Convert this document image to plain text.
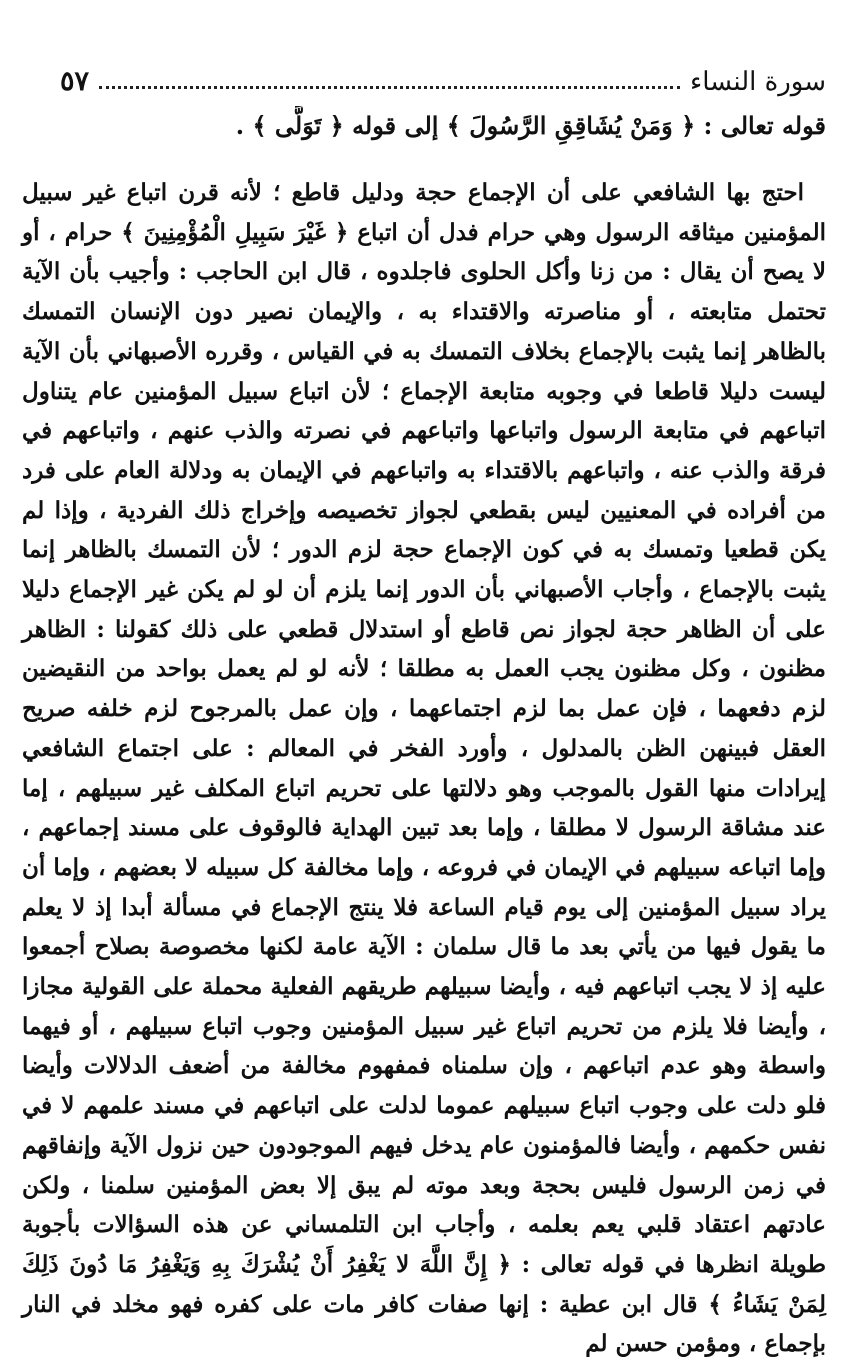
سورة النساء
٥٧
قوله تعالى : ﴿ وَمَنْ يُشَاقِقِ الرَّسُولَ ﴾ إلى قوله ﴿ تَوَلَّى ﴾ .

احتج بها الشافعي على أن الإجماع حجة ودليل قاطع ؛ لأنه قرن اتباع غير سبيل المؤمنين ميثاقه الرسول وهي حرام فدل أن اتباع ﴿ غَيْرَ سَبِيلِ الْمُؤْمِنِينَ ﴾ حرام ، أو لا يصح أن يقال : من زنا وأكل الحلوى فاجلدوه ، قال ابن الحاجب : وأجيب بأن الآية تحتمل متابعته ، أو مناصرته والاقتداء به ، والإيمان نصير دون الإنسان التمسك بالظاهر إنما يثبت بالإجماع بخلاف التمسك به في القياس ، وقرره الأصبهاني بأن الآية ليست دليلا قاطعا في وجوبه متابعة الإجماع ؛ لأن اتباع سبيل المؤمنين عام يتناول اتباعهم في متابعة الرسول واتباعها واتباعهم في نصرته والذب عنهم ، واتباعهم في فرقة والذب عنه ، واتباعهم بالاقتداء به واتباعهم في الإيمان به ودلالة العام على فرد من أفراده في المعنيين ليس بقطعي لجواز تخصيصه وإخراج ذلك الفردية ، وإذا لم يكن قطعيا وتمسك به في كون الإجماع حجة لزم الدور ؛ لأن التمسك بالظاهر إنما يثبت بالإجماع ، وأجاب الأصبهاني بأن الدور إنما يلزم أن لو لم يكن غير الإجماع دليلا على أن الظاهر حجة لجواز نص قاطع أو استدلال قطعي على ذلك كقولنا : الظاهر مظنون ، وكل مظنون يجب العمل به مطلقا ؛ لأنه لو لم يعمل بواحد من النقيضين لزم دفعهما ، فإن عمل بما لزم اجتماعهما ، وإن عمل بالمرجوح لزم خلفه صريح العقل فبينهن الظن بالمدلول ، وأورد الفخر في المعالم : على اجتماع الشافعي إيرادات منها القول بالموجب وهو دلالتها على تحريم اتباع المكلف غير سبيلهم ، إما عند مشاقة الرسول لا مطلقا ، وإما بعد تبين الهداية فالوقوف على مسند إجماعهم ، وإما اتباعه سبيلهم في الإيمان في فروعه ، وإما مخالفة كل سبيله لا بعضهم ، وإما أن يراد سبيل المؤمنين إلى يوم قيام الساعة فلا ينتج الإجماع في مسألة أبدا إذ لا يعلم ما يقول فيها من يأتي بعد ما قال سلمان : الآية عامة لكنها مخصوصة بصلاح أجمعوا عليه إذ لا يجب اتباعهم فيه ، وأيضا سبيلهم طريقهم الفعلية محملة على القولية مجازا ، وأيضا فلا يلزم من تحريم اتباع غير سبيل المؤمنين وجوب اتباع سبيلهم ، أو فيهما واسطة وهو عدم اتباعهم ، وإن سلمناه فمفهوم مخالفة من أضعف الدلالات وأيضا فلو دلت على وجوب اتباع سبيلهم عموما لدلت على اتباعهم في مسند علمهم لا في نفس حكمهم ، وأيضا فالمؤمنون عام يدخل فيهم الموجودون حين نزول الآية وإنفاقهم في زمن الرسول فليس بحجة وبعد موته لم يبق إلا بعض المؤمنين سلمنا ، ولكن عادتهم اعتقاد قلبي يعم بعلمه ، وأجاب ابن التلمساني عن هذه السؤالات بأجوبة طويلة انظرها في قوله تعالى : ﴿ إِنَّ اللَّهَ لا يَغْفِرُ أَنْ يُشْرَكَ بِهِ وَيَغْفِرُ مَا دُونَ ذَلِكَ لِمَنْ يَشَاءُ ﴾ قال ابن عطية : إنها صفات كافر مات على كفره فهو مخلد في النار بإجماع ، ومؤمن حسن لم
